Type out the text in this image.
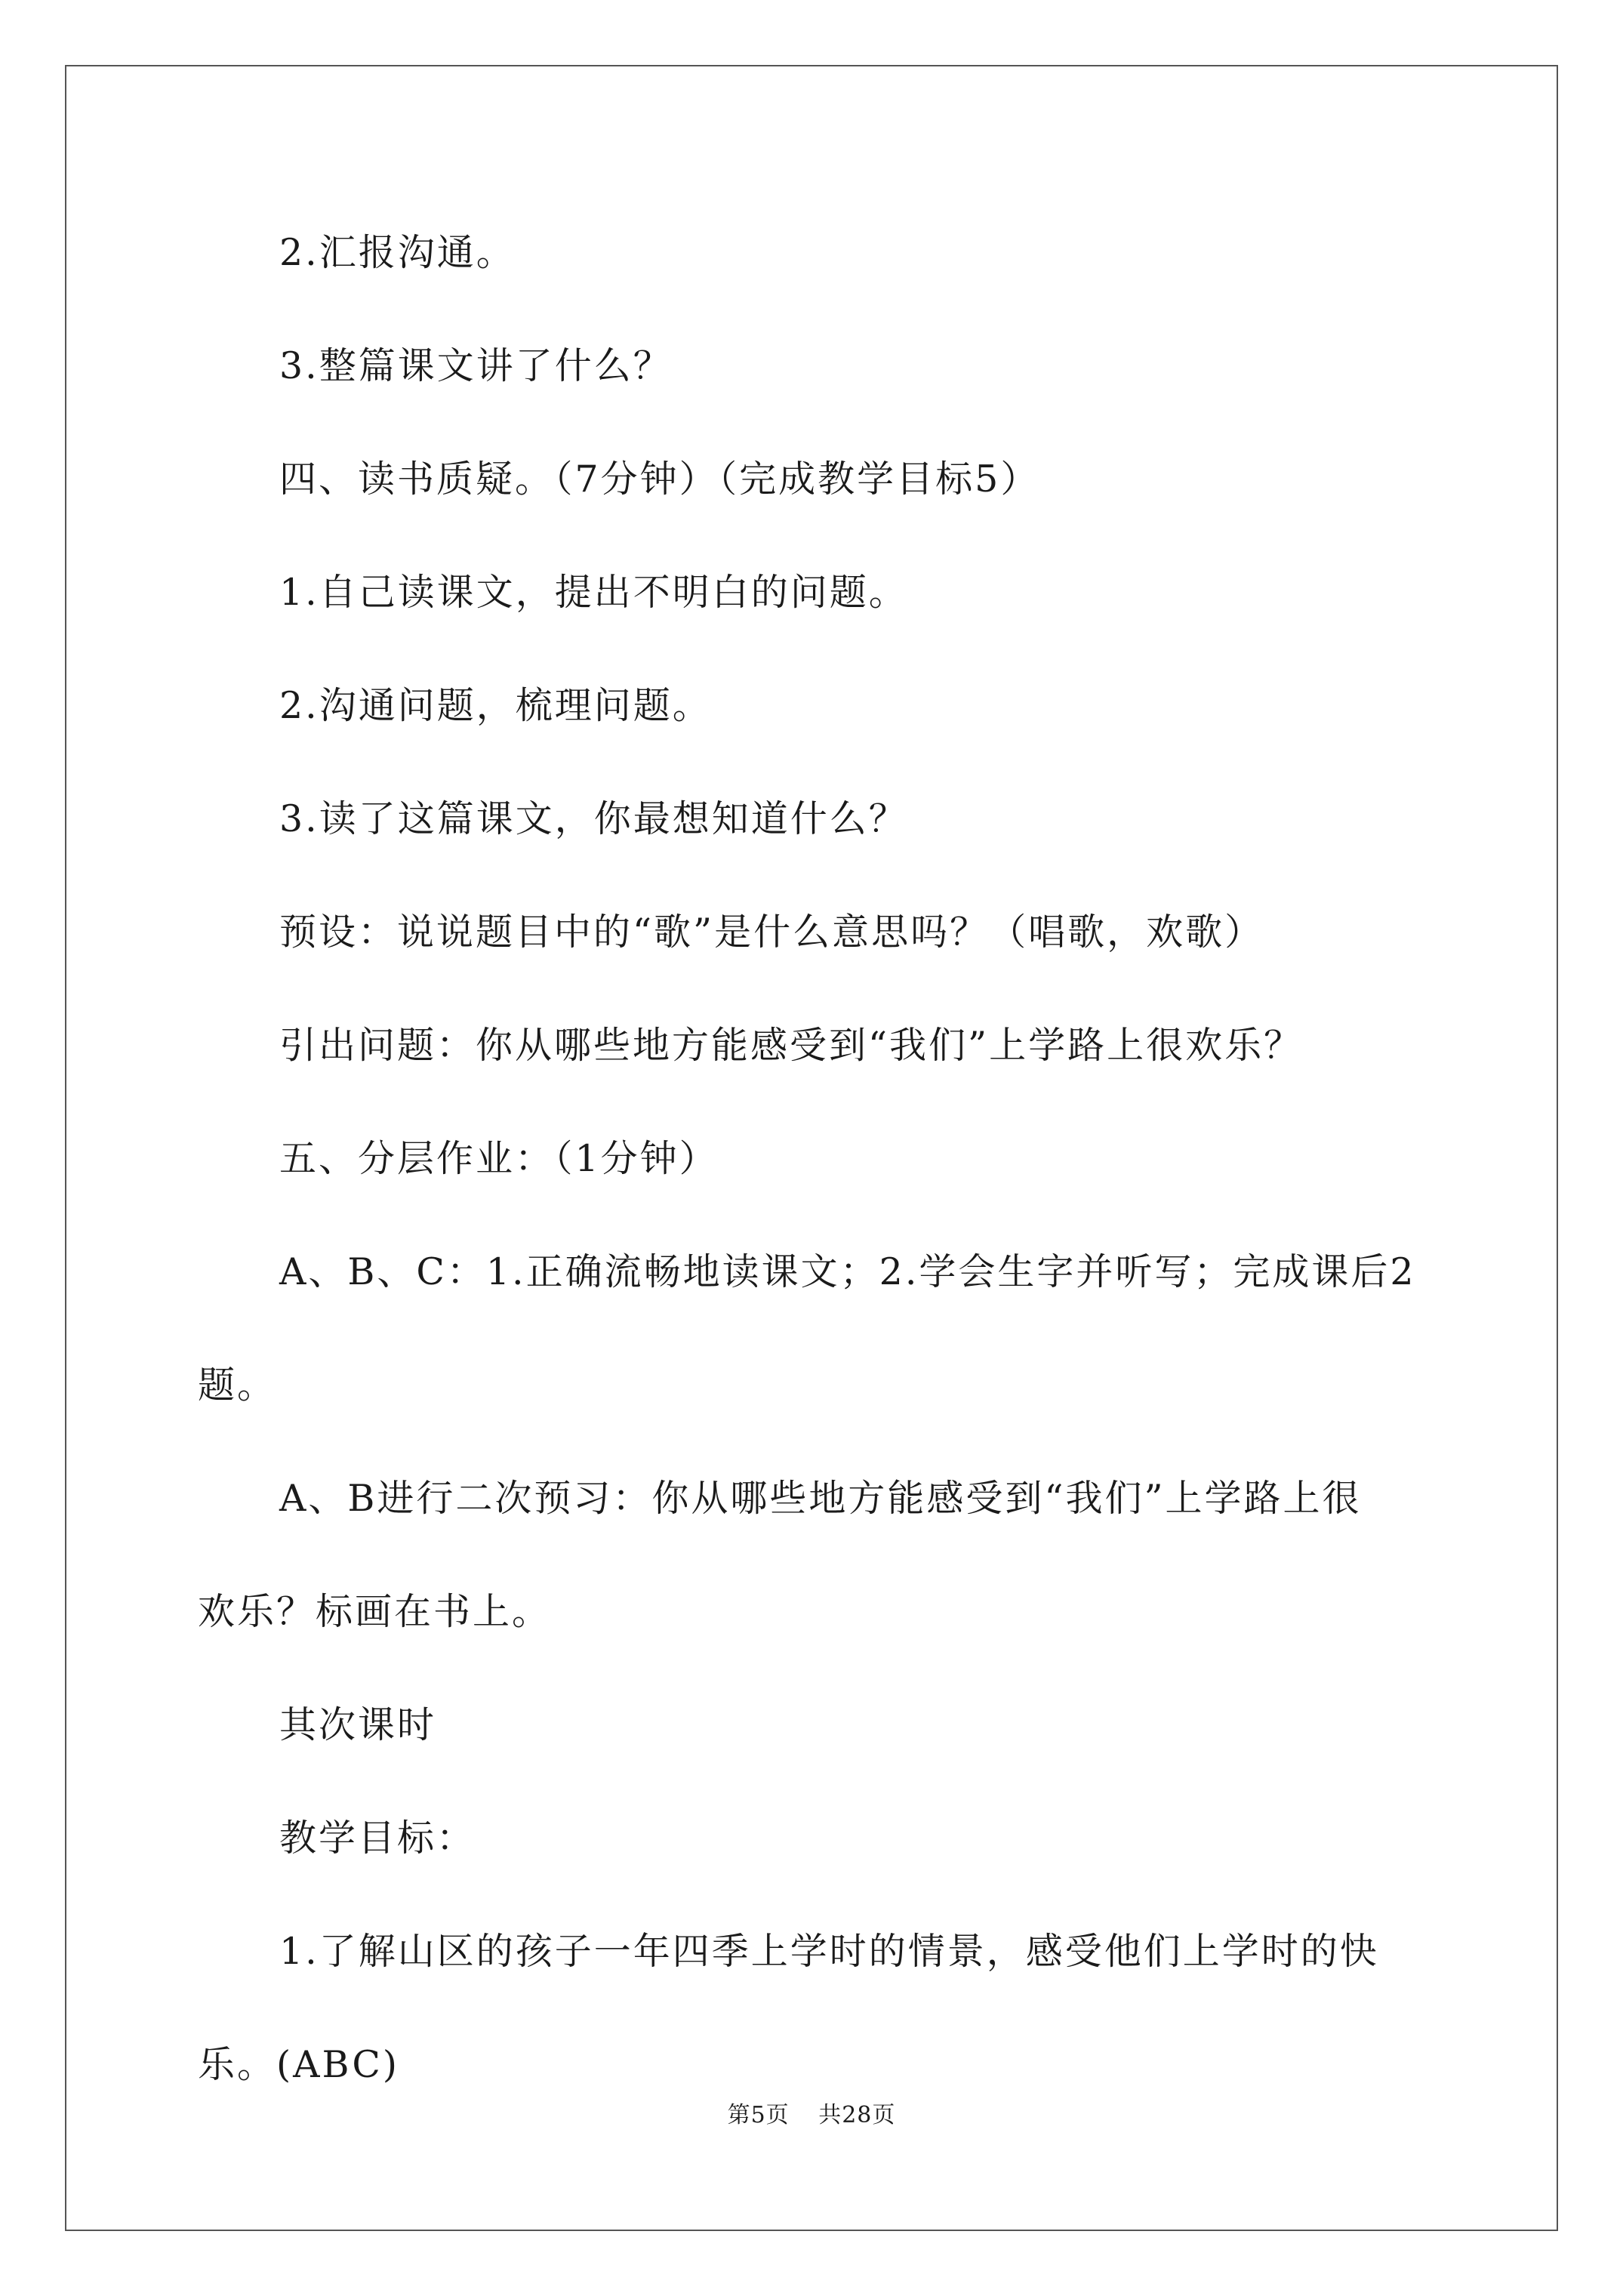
2.汇报沟通。
3.整篇课文讲了什么？
四、读书质疑。（7分钟）（完成教学目标5）
1.自己读课文，提出不明白的问题。
2.沟通问题，梳理问题。
3.读了这篇课文，你最想知道什么？
预设：说说题目中的“歌”是什么意思吗？（唱歌，欢歌）
引出问题：你从哪些地方能感受到“我们”上学路上很欢乐？
五、分层作业：（1分钟）
A、B、C：1.正确流畅地读课文；2.学会生字并听写；完成课后2
题。
A、B进行二次预习：你从哪些地方能感受到“我们”上学路上很
欢乐？标画在书上。
其次课时
教学目标：
1.了解山区的孩子一年四季上学时的情景，感受他们上学时的快
乐。(ABC)
第5页 共28页
